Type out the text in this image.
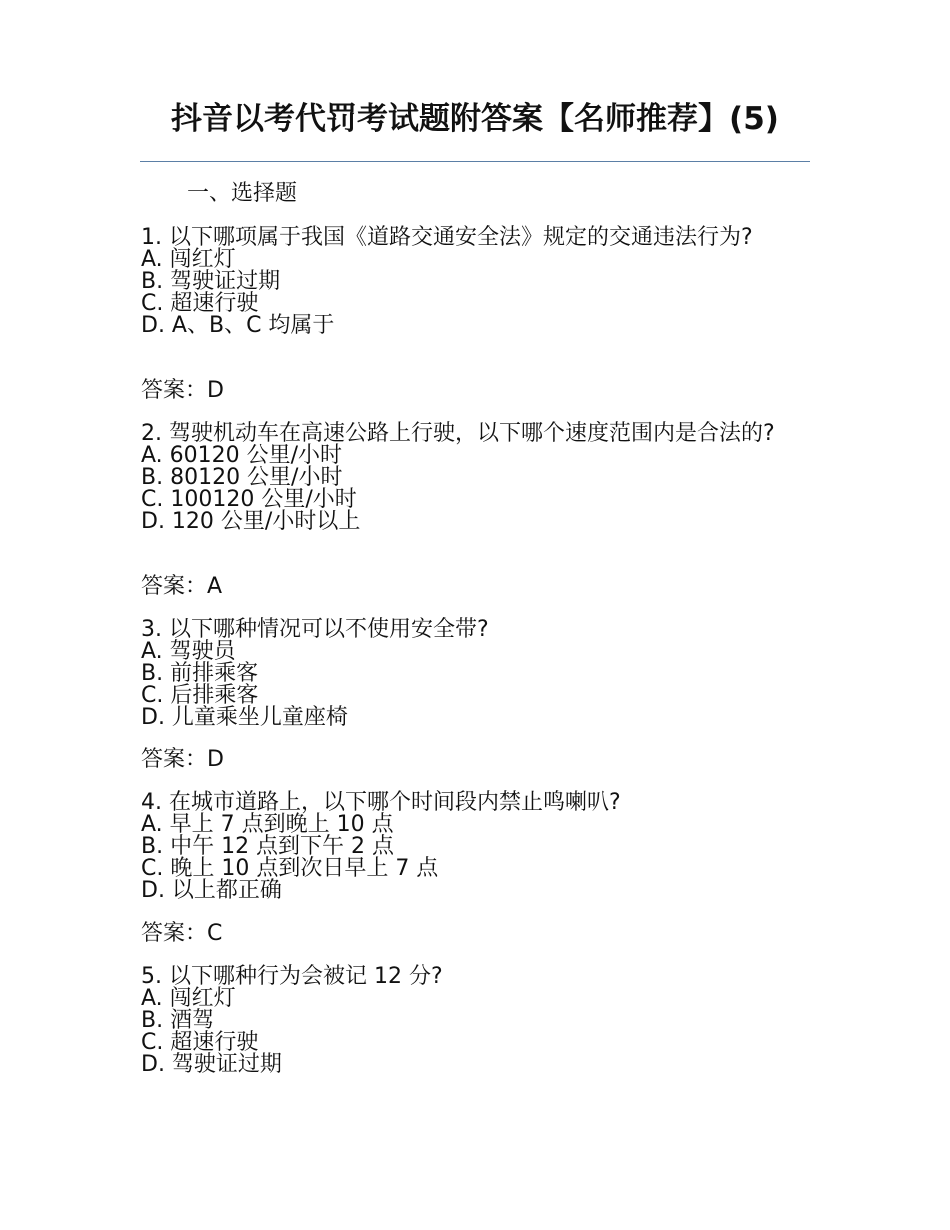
抖音以考代罚考试题附答案【名师推荐】(5)

一、选择题

1. 以下哪项属于我国《道路交通安全法》规定的交通违法行为?
A. 闯红灯
B. 驾驶证过期
C. 超速行驶
D. A、B、C 均属于

答案：D

2. 驾驶机动车在高速公路上行驶，以下哪个速度范围内是合法的?
A. 60120 公里/小时
B. 80120 公里/小时
C. 100120 公里/小时
D. 120 公里/小时以上

答案：A

3. 以下哪种情况可以不使用安全带?
A. 驾驶员
B. 前排乘客
C. 后排乘客
D. 儿童乘坐儿童座椅

答案：D

4. 在城市道路上，以下哪个时间段内禁止鸣喇叭?
A. 早上 7 点到晚上 10 点
B. 中午 12 点到下午 2 点
C. 晚上 10 点到次日早上 7 点
D. 以上都正确

答案：C

5. 以下哪种行为会被记 12 分?
A. 闯红灯
B. 酒驾
C. 超速行驶
D. 驾驶证过期
